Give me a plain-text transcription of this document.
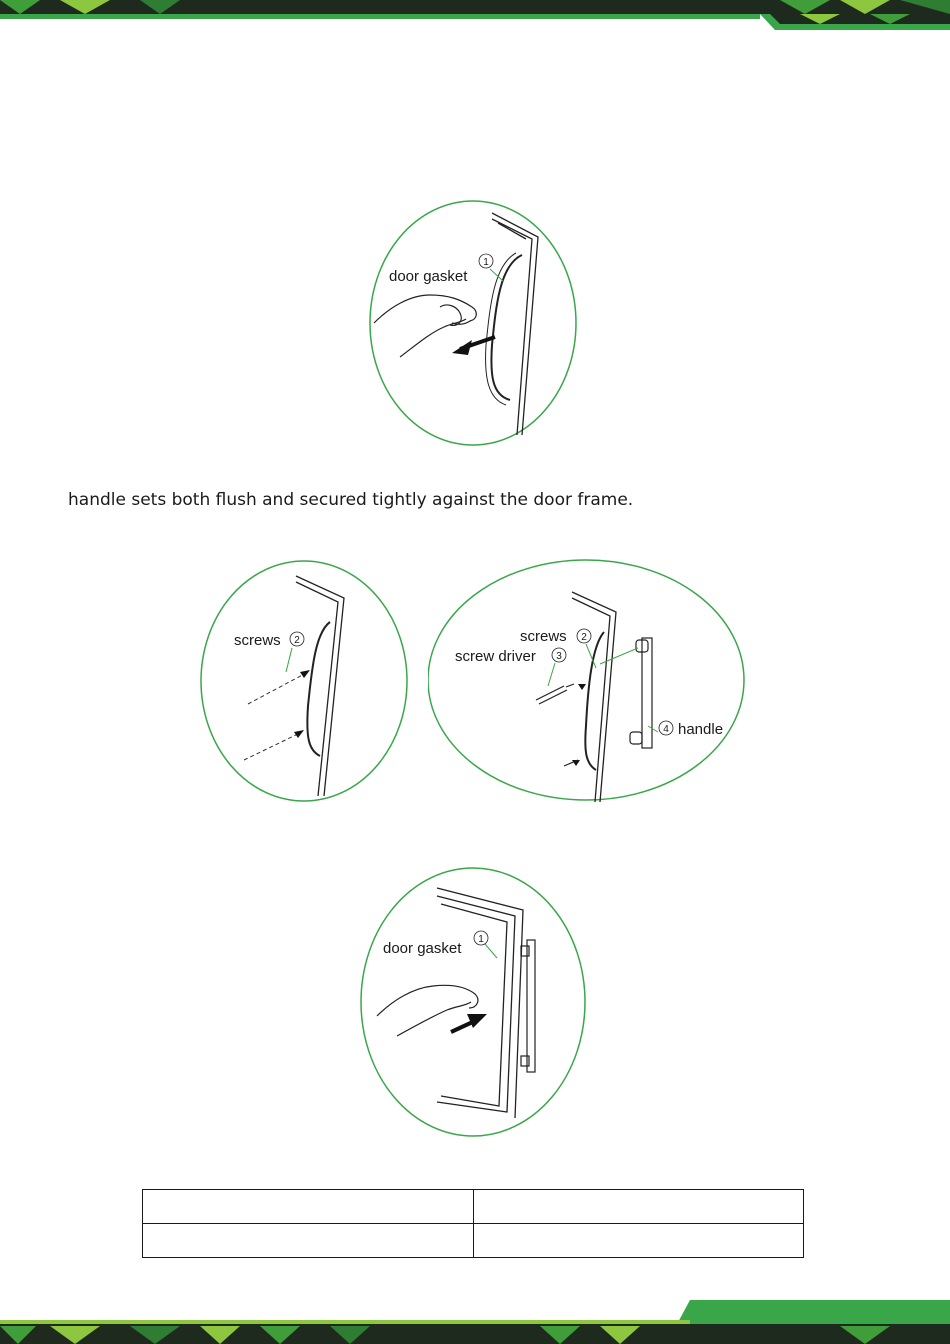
1
door gasket
handle sets both flush and secured tightly against the door frame.
2
screws	2
3
4
screws
screw driver
handle
1
door gasket
